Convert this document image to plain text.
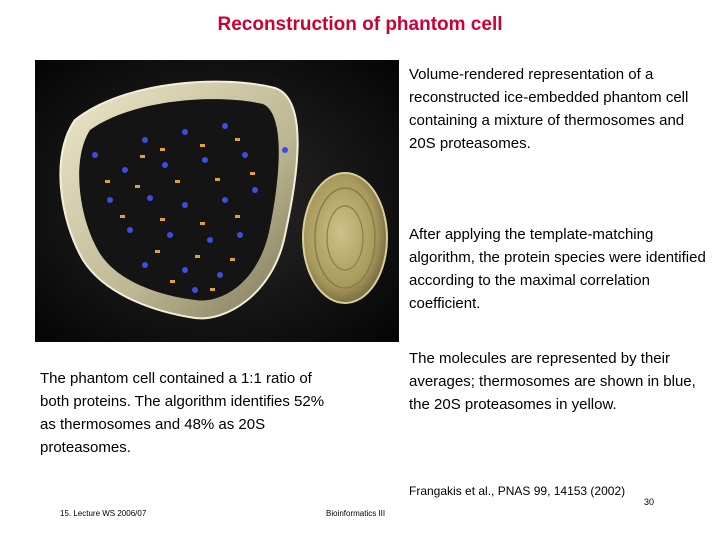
Reconstruction of phantom cell
Volume-rendered representation of a reconstructed ice-embedded phantom cell containing a mixture of thermosomes and 20S proteasomes.
After applying the template-matching algorithm, the protein species were identified according to the maximal correlation coefficient.
The molecules are represented by their averages; thermosomes are shown in blue, the 20S proteasomes in yellow.
The phantom cell contained a 1:1 ratio of both proteins. The algorithm identifies 52% as thermosomes and 48% as 20S proteasomes.
Frangakis et al., PNAS 99, 14153 (2002)
15. Lecture WS 2006/07	Bioinformatics III
30
